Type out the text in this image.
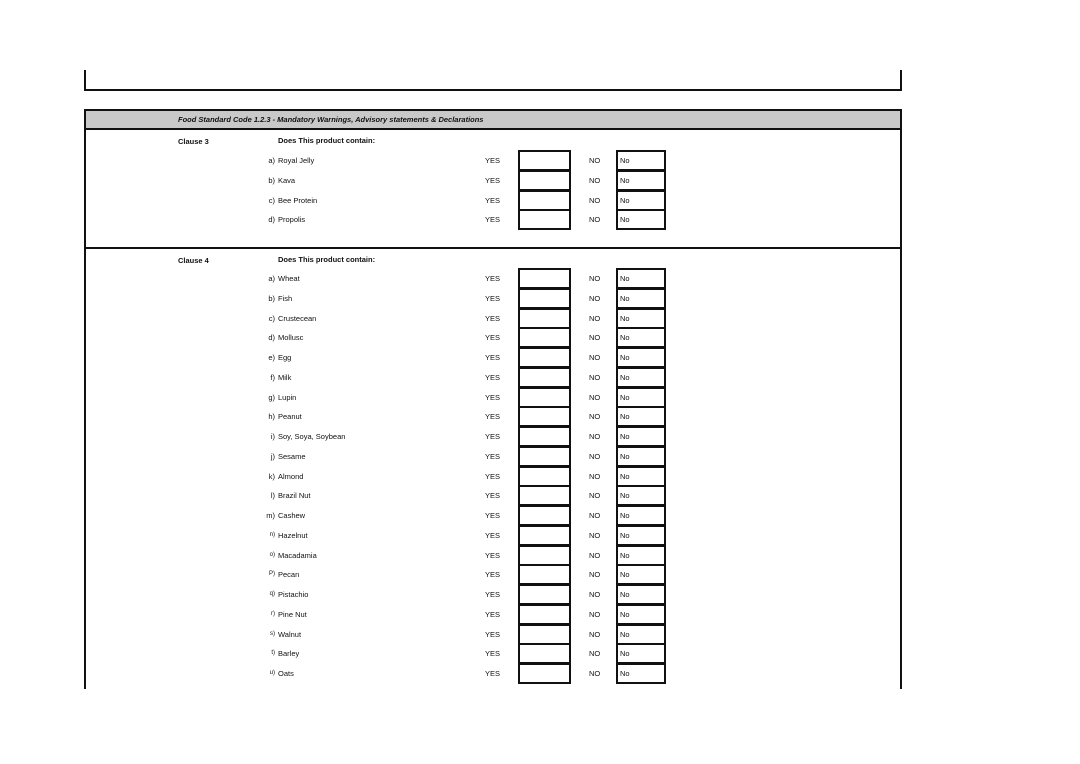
Food Standard Code 1.2.3 - Mandatory Warnings, Advisory statements & Declarations
Clause 3	Does This product contain:
a) Royal Jelly	YES	NO	No
b) Kava	YES	NO	No
c) Bee Protein	YES	NO	No
d) Propolis	YES	NO	No
Clause 4	Does This product contain:
a) Wheat	YES	NO	No
b) Fish	YES	NO	No
c) Crustecean	YES	NO	No
d) Mollusc	YES	NO	No
e) Egg	YES	NO	No
f) Milk	YES	NO	No
g) Lupin	YES	NO	No
h) Peanut	YES	NO	No
i) Soy, Soya, Soybean	YES	NO	No
j) Sesame	YES	NO	No
k) Almond	YES	NO	No
l) Brazil Nut	YES	NO	No
m) Cashew	YES	NO	No
n) Hazelnut	YES	NO	No
o) Macadamia	YES	NO	No
P) Pecan	YES	NO	No
q) Pistachio	YES	NO	No
r) Pine Nut	YES	NO	No
s) Walnut	YES	NO	No
t) Barley	YES	NO	No
u) Oats	YES	NO	No
